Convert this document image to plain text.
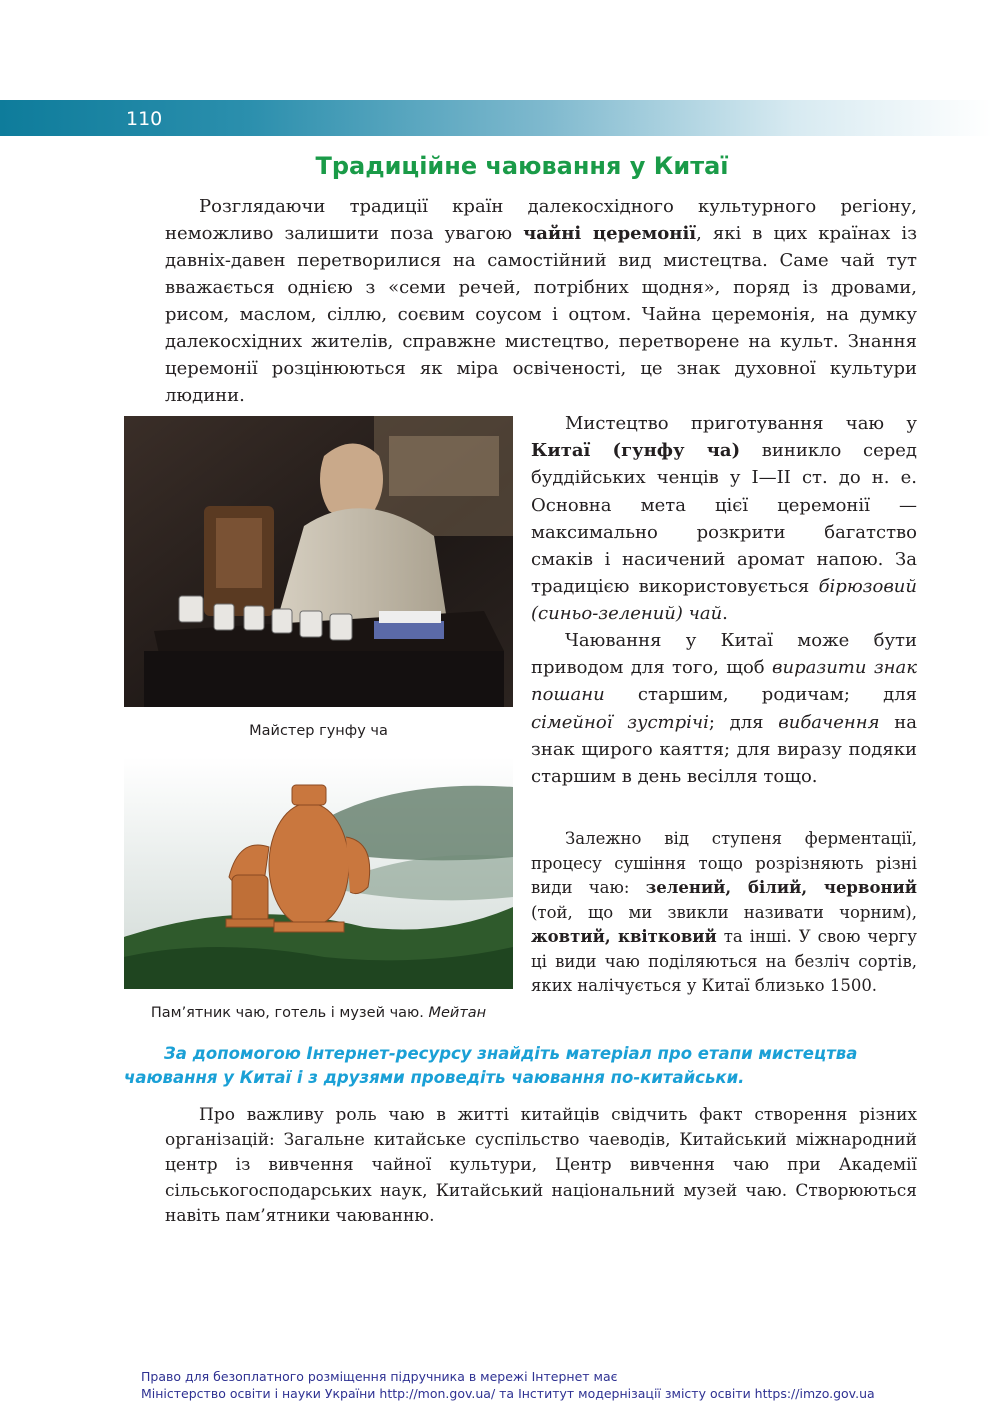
110
Традиційне чаювання у Китаї

Розглядаючи традиції країн далекосхідного культурного регіону, неможливо залишити поза увагою чайні церемонії, які в цих країнах із давніх-давен перетворилися на самостійний вид мистецтва. Саме чай тут вважається однією з «семи речей, потрібних щодня», поряд із дровами, рисом, маслом, сіллю, соєвим соусом і оцтом. Чайна церемонія, на думку далекосхідних жителів, справжне мистецтво, перетворене на культ. Знання церемонії розцінюються як міра освіченості, це знак духовної культури людини.

Майстер гунфу ча
Пам’ятник чаю, готель і музей чаю. Мейтан

Мистецтво приготування чаю у Китаї (гунфу ча) виникло серед буддійських ченців у І—ІІ ст. до н. е. Основна мета цієї церемонії — максимально розкрити багатство смаків і насичений аромат напою. За традицією використовується бірюзовий (синьо-зелений) чай.

Чаювання у Китаї може бути приводом для того, щоб виразити знак пошани старшим, родичам; для сімейної зустрічі; для вибачення на знак щирого каяття; для виразу подяки старшим в день весілля тощо.

Залежно від ступеня ферментації, процесу сушіння тощо розрізняють різні види чаю: зелений, білий, червоний (той, що ми звикли називати чорним), жовтий, квітковий та інші. У свою чергу ці види чаю поділяються на безліч сортів, яких налічується у Китаї близько 1500.

За допомогою Інтернет-ресурсу знайдіть матеріал про етапи мистецтва чаювання у Китаї і з друзями проведіть чаювання по-китайськи.

Про важливу роль чаю в житті китайців свідчить факт створення різних організацій: Загальне китайське суспільство чаеводів, Китайський міжнародний центр із вивчення чайної культури, Центр вивчення чаю при Академії сільськогосподарських наук, Китайський національний музей чаю. Створюються навіть пам’ятники чаюванню.

Право для безоплатного розміщення підручника в мережі Інтернет має
Міністерство освіти і науки України http://mon.gov.ua/ та Інститут модернізації змісту освіти https://imzo.gov.ua
